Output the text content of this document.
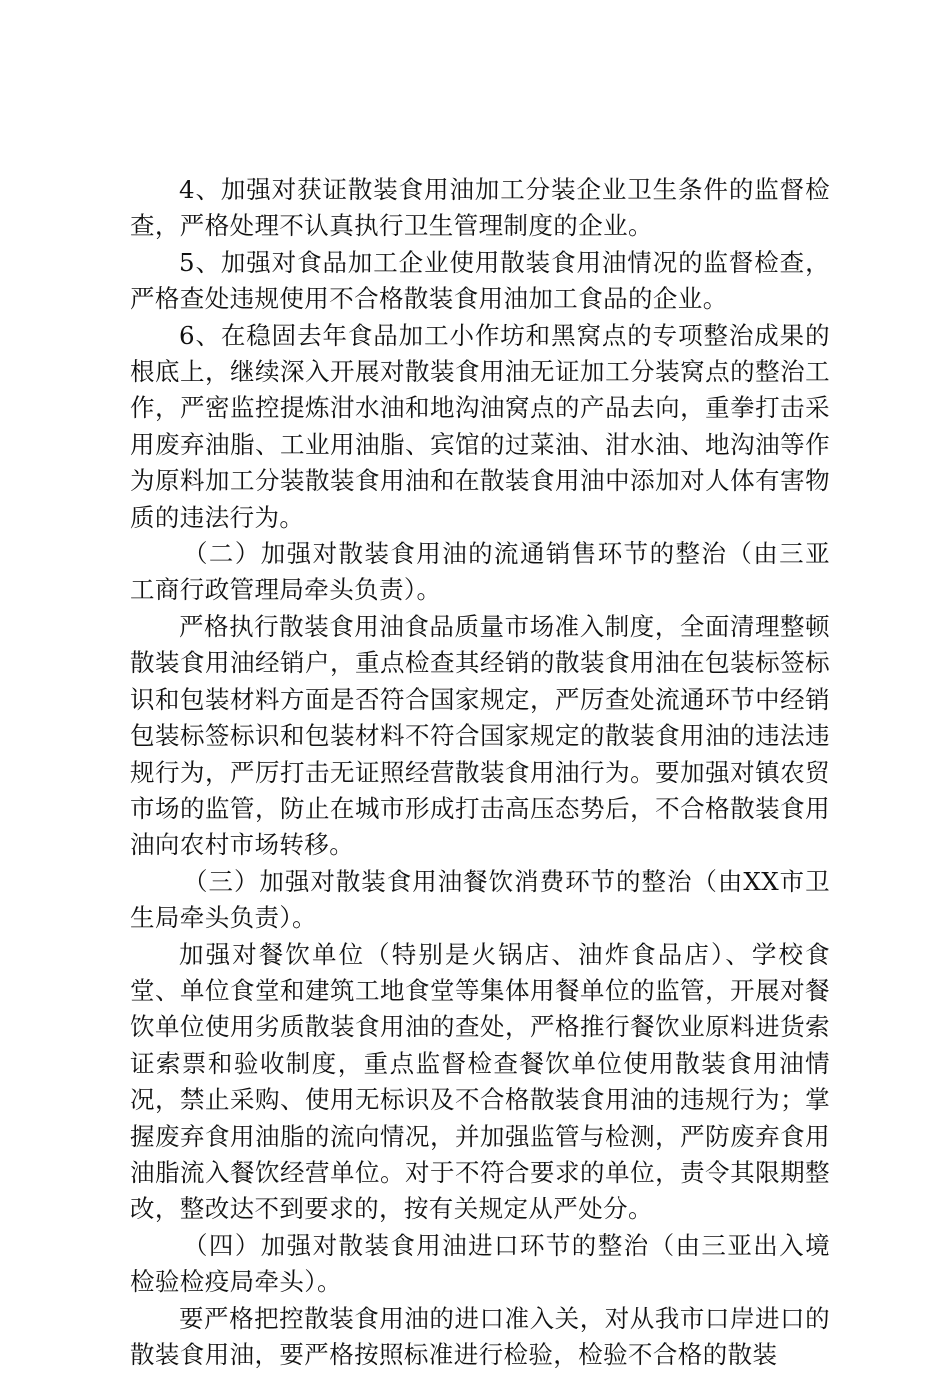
4、加强对获证散装食用油加工分装企业卫生条件的监督检查，严格处理不认真执行卫生管理制度的企业。

5、加强对食品加工企业使用散装食用油情况的监督检查，严格查处违规使用不合格散装食用油加工食品的企业。

6、在稳固去年食品加工小作坊和黑窝点的专项整治成果的根底上，继续深入开展对散装食用油无证加工分装窝点的整治工作，严密监控提炼泔水油和地沟油窝点的产品去向，重拳打击采用废弃油脂、工业用油脂、宾馆的过菜油、泔水油、地沟油等作为原料加工分装散装食用油和在散装食用油中添加对人体有害物质的违法行为。

（二）加强对散装食用油的流通销售环节的整治（由三亚工商行政管理局牵头负责）。

严格执行散装食用油食品质量市场准入制度，全面清理整顿散装食用油经销户，重点检查其经销的散装食用油在包装标签标识和包装材料方面是否符合国家规定，严厉查处流通环节中经销包装标签标识和包装材料不符合国家规定的散装食用油的违法违规行为，严厉打击无证照经营散装食用油行为。要加强对镇农贸市场的监管，防止在城市形成打击高压态势后，不合格散装食用油向农村市场转移。

（三）加强对散装食用油餐饮消费环节的整治（由XX市卫生局牵头负责）。

加强对餐饮单位（特别是火锅店、油炸食品店）、学校食堂、单位食堂和建筑工地食堂等集体用餐单位的监管，开展对餐饮单位使用劣质散装食用油的查处，严格推行餐饮业原料进货索证索票和验收制度，重点监督检查餐饮单位使用散装食用油情况，禁止采购、使用无标识及不合格散装食用油的违规行为；掌握废弃食用油脂的流向情况，并加强监管与检测，严防废弃食用油脂流入餐饮经营单位。对于不符合要求的单位，责令其限期整改，整改达不到要求的，按有关规定从严处分。

（四）加强对散装食用油进口环节的整治（由三亚出入境检验检疫局牵头）。

要严格把控散装食用油的进口准入关，对从我市口岸进口的散装食用油，要严格按照标准进行检验，检验不合格的散装
